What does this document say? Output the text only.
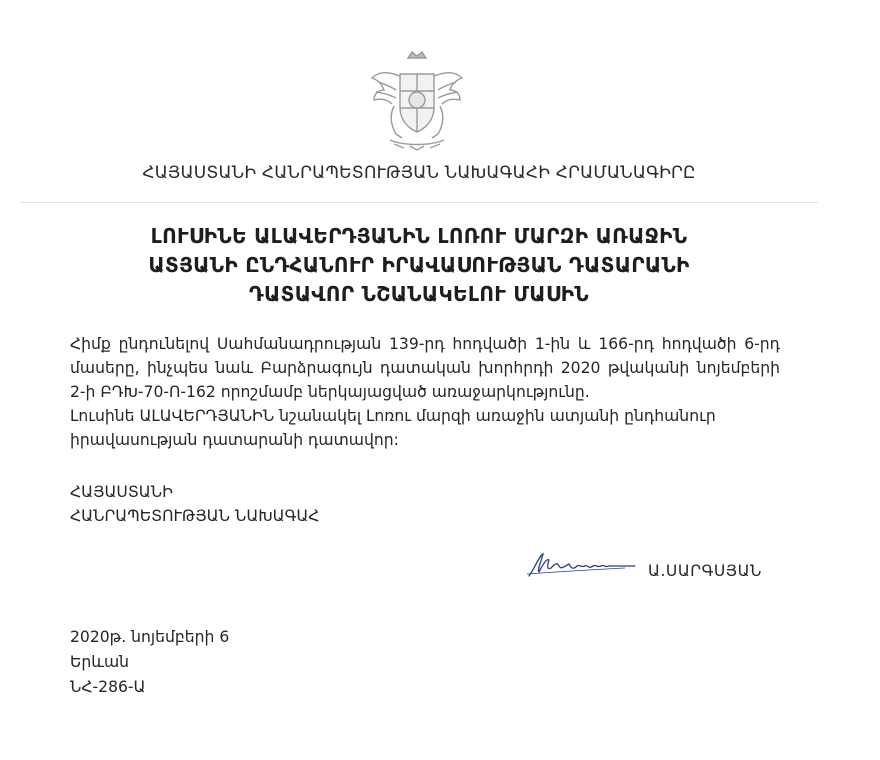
ՀԱՅԱՍՏԱՆԻ ՀԱՆՐԱՊԵՏՈՒԹՅԱՆ ՆԱԽԱԳԱՀԻ ՀՐԱՄԱՆԱԳԻՐԸ
ԼՈՒՍԻՆԵ ԱԼԱՎԵՐԴՅԱՆԻՆ ԼՈՌՈՒ ՄԱՐԶԻ ԱՌԱՋԻՆ
ԱՏՅԱՆԻ ԸՆԴՀԱՆՈՒՐ ԻՐԱՎԱՍՈՒԹՅԱՆ ԴԱՏԱՐԱՆԻ
ԴԱՏԱՎՈՐ ՆՇԱՆԱԿԵԼՈՒ ՄԱՍԻՆ

Հիմք ընդունելով Սահմանադրության 139-րդ հոդվածի 1-ին և 166-րդ հոդվածի 6-րդ մասերը, ինչպես նաև Բարձրագույն դատական խորհրդի 2020 թվականի նոյեմբերի 2-ի ԲԴԽ-70-Ո-162 որոշմամբ ներկայացված առաջարկությունը.

Լուսինե ԱԼԱՎԵՐԴՅԱՆԻՆ նշանակել Լոռու մարզի առաջին ատյանի ընդհանուր իրավասության դատարանի դատավոր:

ՀԱՅԱՍՏԱՆԻ
ՀԱՆՐԱՊԵՏՈՒԹՅԱՆ ՆԱԽԱԳԱՀ
Ա.ՍԱՐԳՍՅԱՆ
2020թ. նոյեմբերի 6
Երևան
ՆՀ-286-Ա
